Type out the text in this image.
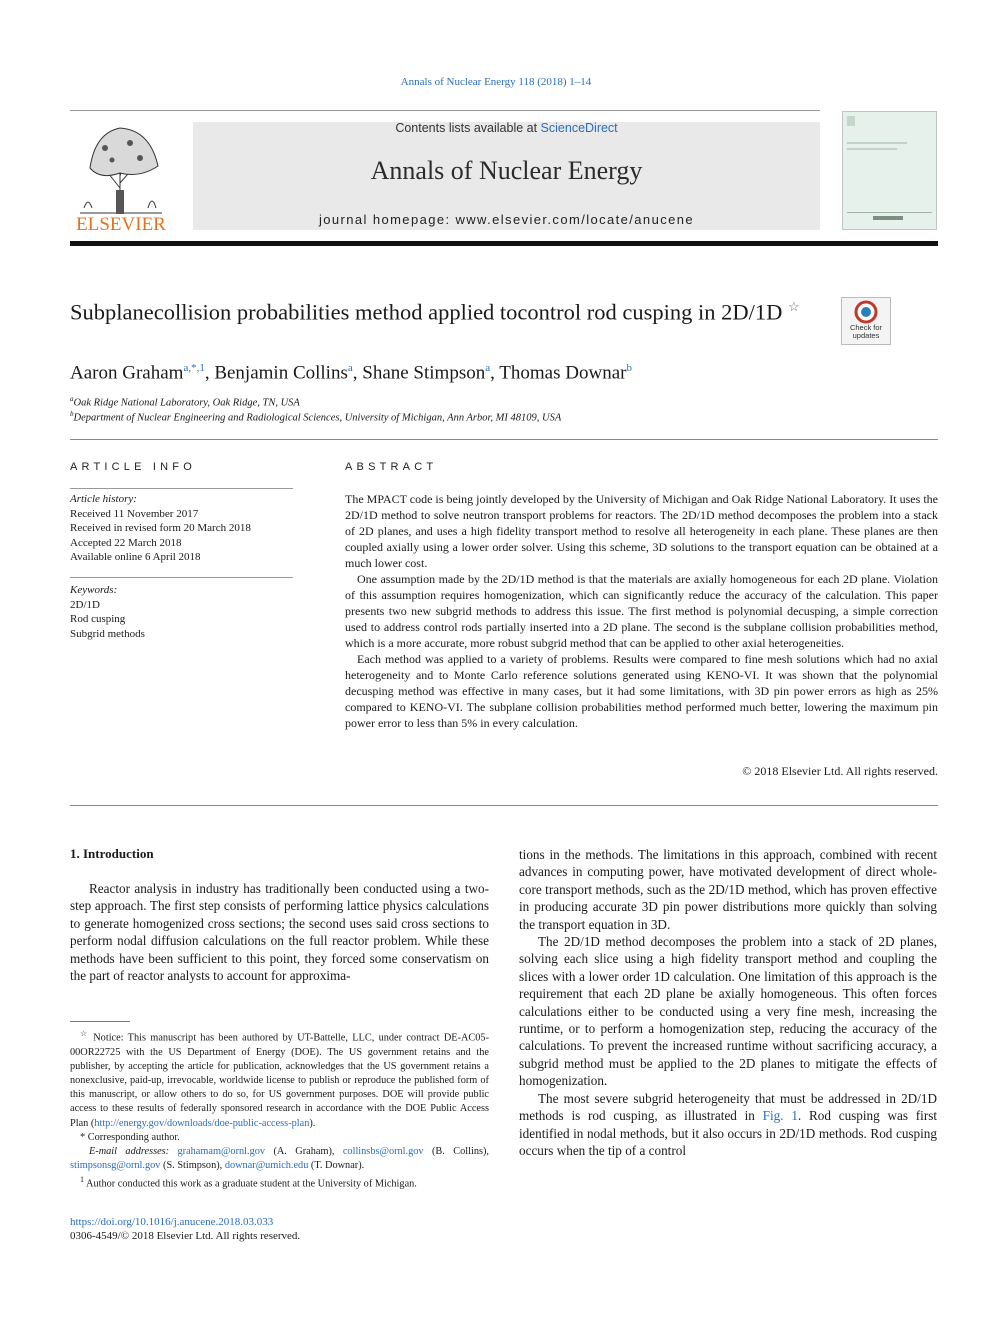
Annals of Nuclear Energy 118 (2018) 1–14
ELSEVIER
Contents lists available at ScienceDirect
Annals of Nuclear Energy
journal homepage: www.elsevier.com/locate/anucene
Subplanecollision probabilities method applied tocontrol rod cusping in 2D/1D ☆
Check for updates
Aaron Graham$^{a,*,1}$, Benjamin Collins$^a$, Shane Stimpson$^a$, Thomas Downar$^b$
$^a$Oak Ridge National Laboratory, Oak Ridge, TN, USA
$^b$Department of Nuclear Engineering and Radiological Sciences, University of Michigan, Ann Arbor, MI 48109, USA
ARTICLE INFO
Article history:
Received 11 November 2017
Received in revised form 20 March 2018
Accepted 22 March 2018
Available online 6 April 2018
Keywords:
2D/1D
Rod cusping
Subgrid methods
ABSTRACT

The MPACT code is being jointly developed by the University of Michigan and Oak Ridge National Laboratory. It uses the 2D/1D method to solve neutron transport problems for reactors. The 2D/1D method decomposes the problem into a stack of 2D planes, and uses a high fidelity transport method to resolve all heterogeneity in each plane. These planes are then coupled axially using a lower order solver. Using this scheme, 3D solutions to the transport equation can be obtained at a much lower cost.

One assumption made by the 2D/1D method is that the materials are axially homogeneous for each 2D plane. Violation of this assumption requires homogenization, which can significantly reduce the accuracy of the calculation. This paper presents two new subgrid methods to address this issue. The first method is polynomial decusping, a simple correction used to address control rods partially inserted into a 2D plane. The second is the subplane collision probabilities method, which is a more accurate, more robust subgrid method that can be applied to other axial heterogeneities.

Each method was applied to a variety of problems. Results were compared to fine mesh solutions which had no axial heterogeneity and to Monte Carlo reference solutions generated using KENO-VI. It was shown that the polynomial decusping method was effective in many cases, but it had some limitations, with 3D pin power errors as high as 25% compared to KENO-VI. The subplane collision probabilities method performed much better, lowering the maximum pin power error to less than 5% in every calculation.

© 2018 Elsevier Ltd. All rights reserved.
1. Introduction

Reactor analysis in industry has traditionally been conducted using a two-step approach. The first step consists of performing lattice physics calculations to generate homogenized cross sections; the second uses said cross sections to perform nodal diffusion calculations on the full reactor problem. While these methods have been sufficient to this point, they forced some conservatism on the part of reactor analysts to account for approxima-

tions in the methods. The limitations in this approach, combined with recent advances in computing power, have motivated development of direct whole-core transport methods, such as the 2D/1D method, which has proven effective in producing accurate 3D pin power distributions more quickly than solving the transport equation in 3D.

The 2D/1D method decomposes the problem into a stack of 2D planes, solving each slice using a high fidelity transport method and coupling the slices with a lower order 1D calculation. One limitation of this approach is the requirement that each 2D plane be axially homogeneous. This often forces calculations either to be conducted using a very fine mesh, increasing the runtime, or to perform a homogenization step, reducing the accuracy of the calculations. To prevent the increased runtime without sacrificing accuracy, a subgrid method must be applied to the 2D planes to mitigate the effects of homogenization.

The most severe subgrid heterogeneity that must be addressed in 2D/1D methods is rod cusping, as illustrated in Fig. 1. Rod cusping was first identified in nodal methods, but it also occurs in 2D/1D methods. Rod cusping occurs when the tip of a control

☆ Notice: This manuscript has been authored by UT-Battelle, LLC, under contract DE-AC05-00OR22725 with the US Department of Energy (DOE). The US government retains and the publisher, by accepting the article for publication, acknowledges that the US government retains a nonexclusive, paid-up, irrevocable, worldwide license to publish or reproduce the published form of this manuscript, or allow others to do so, for US government purposes. DOE will provide public access to these results of federally sponsored research in accordance with the DOE Public Access Plan (http://energy.gov/downloads/doe-public-access-plan).

* Corresponding author.

E-mail addresses: grahamam@ornl.gov (A. Graham), collinsbs@ornl.gov (B. Collins), stimpsonsg@ornl.gov (S. Stimpson), downar@umich.edu (T. Downar).

$^1$ Author conducted this work as a graduate student at the University of Michigan.

https://doi.org/10.1016/j.anucene.2018.03.033
0306-4549/© 2018 Elsevier Ltd. All rights reserved.
